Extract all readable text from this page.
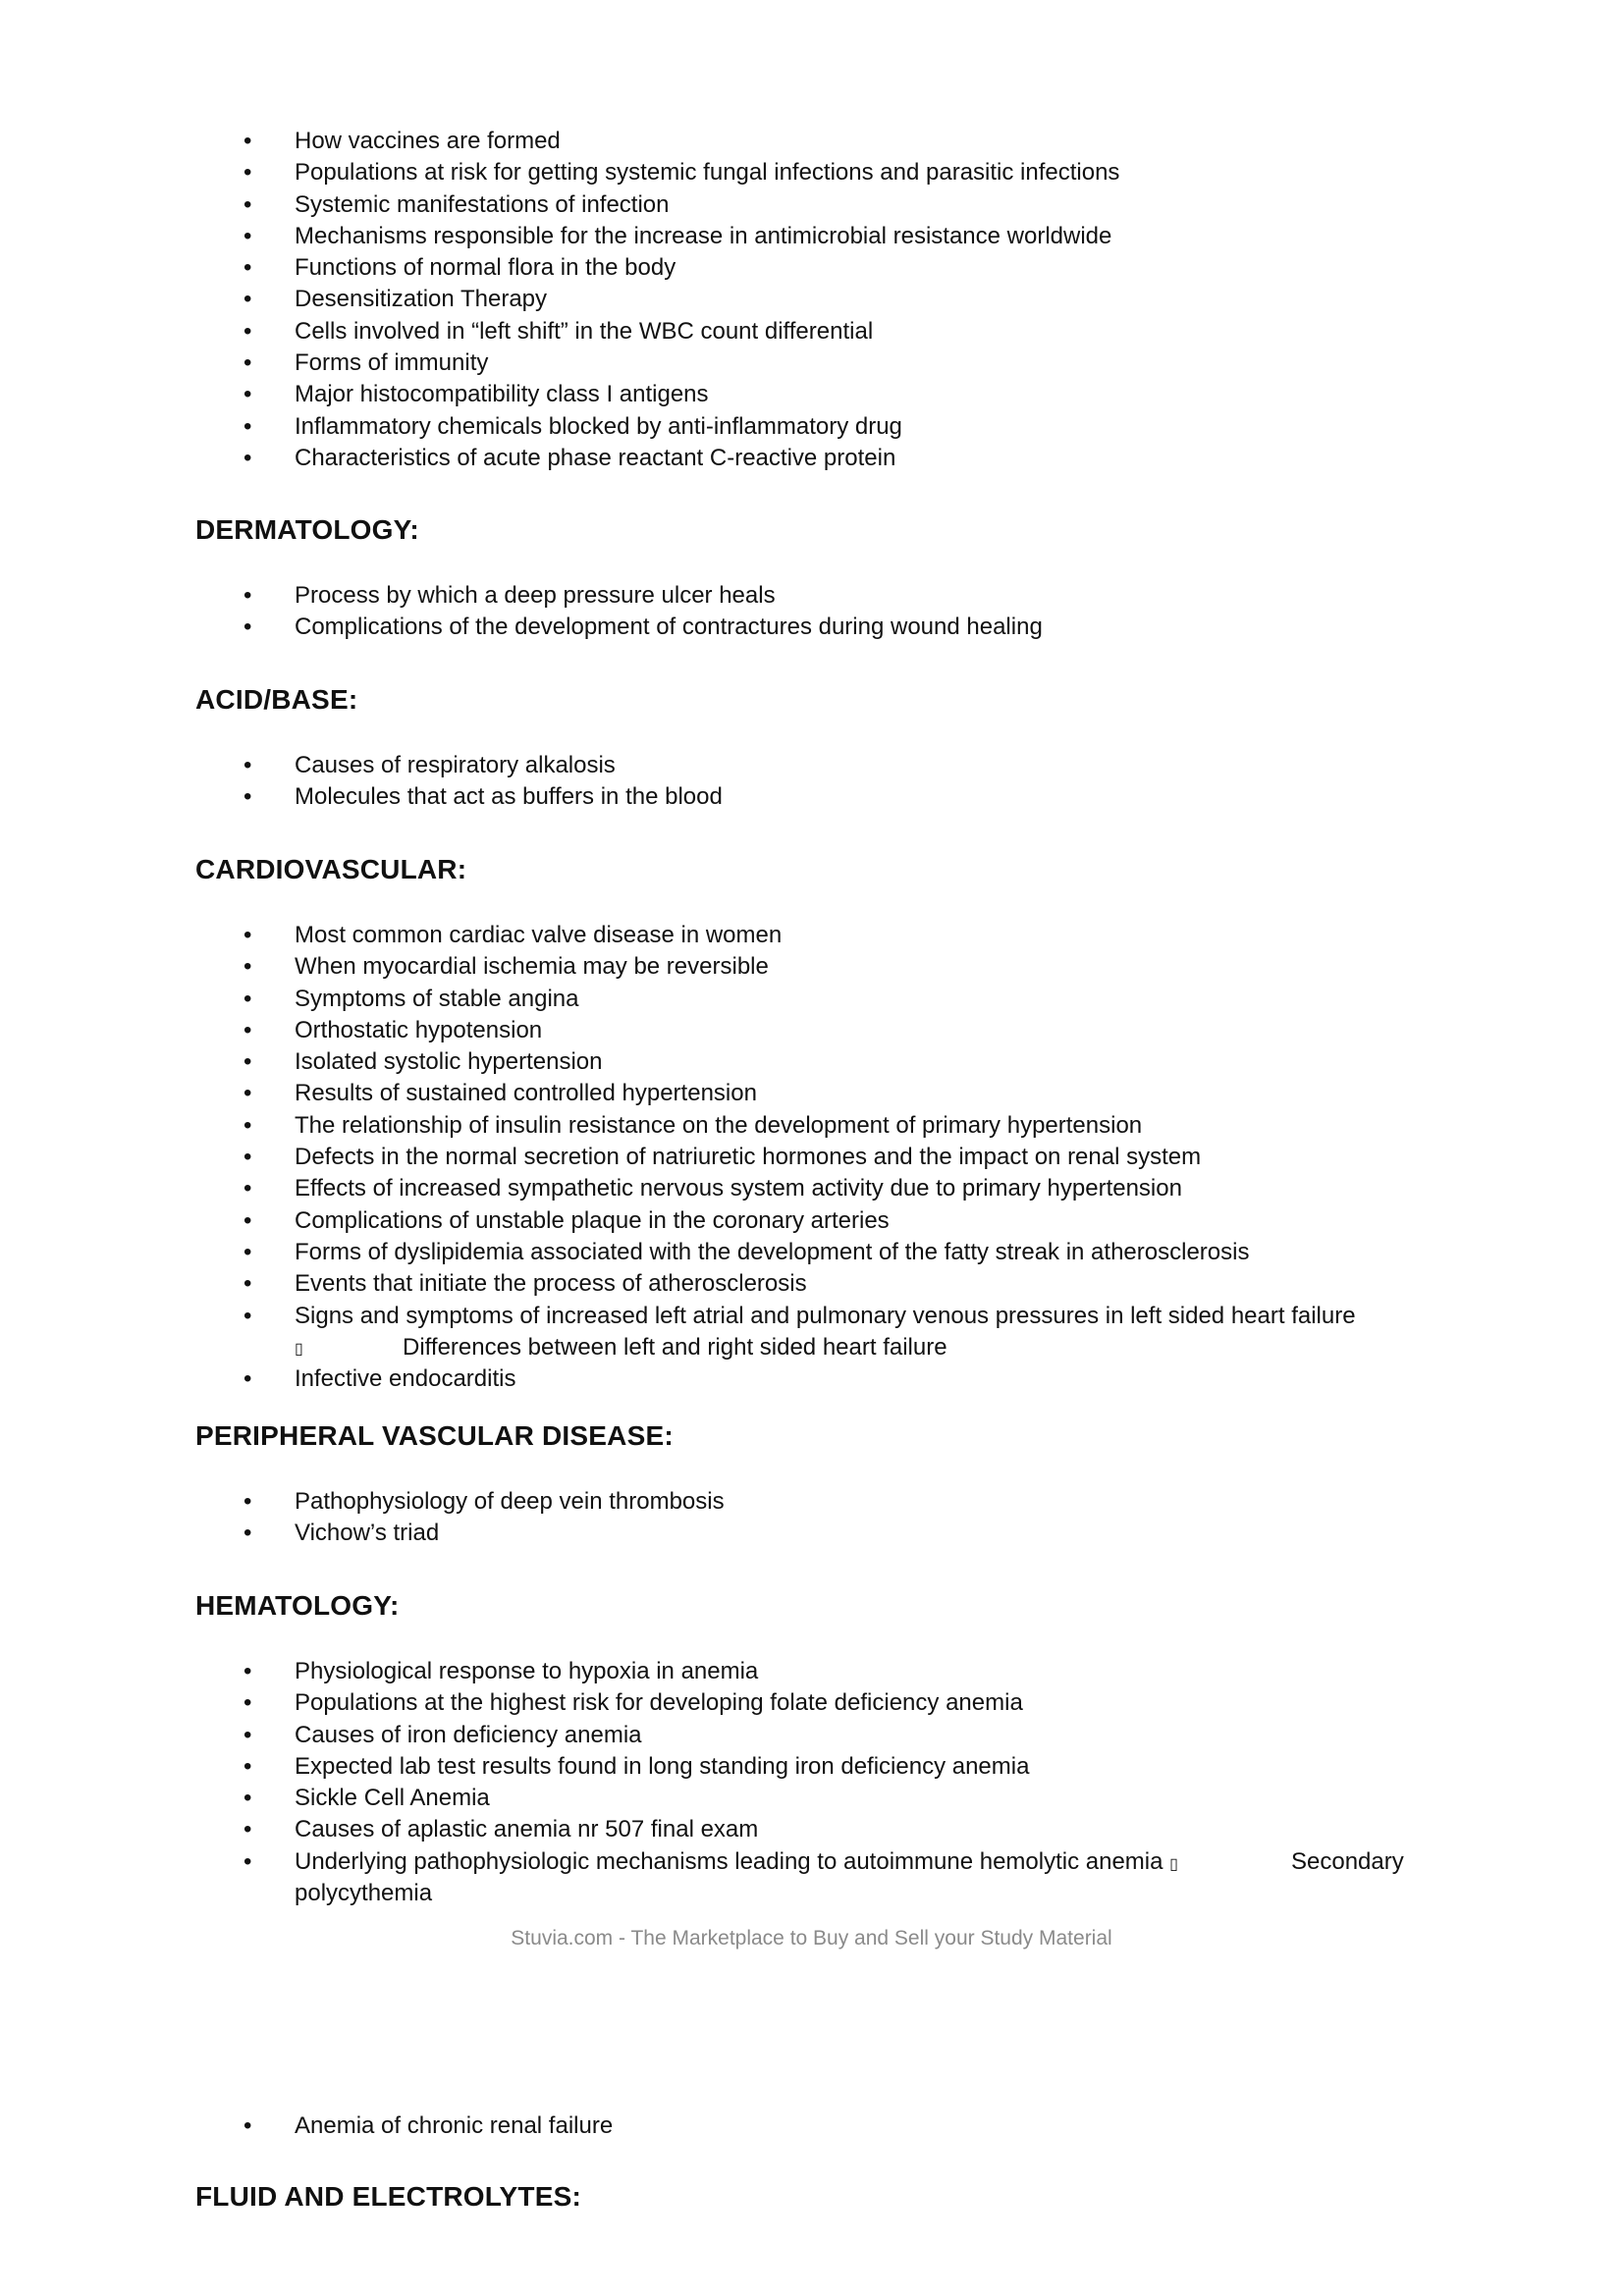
• How vaccines are formed
• Populations at risk for getting systemic fungal infections and parasitic infections
• Systemic manifestations of infection
• Mechanisms responsible for the increase in antimicrobial resistance worldwide
• Functions of normal flora in the body
• Desensitization Therapy
• Cells involved in “left shift” in the WBC count differential
• Forms of immunity
• Major histocompatibility class I antigens
• Inflammatory chemicals blocked by anti-inflammatory drug
• Characteristics of acute phase reactant C-reactive protein
DERMATOLOGY:
• Process by which a deep pressure ulcer heals
• Complications of the development of contractures during wound healing
ACID/BASE:
• Causes of respiratory alkalosis
• Molecules that act as buffers in the blood
CARDIOVASCULAR:
• Most common cardiac valve disease in women
• When myocardial ischemia may be reversible
• Symptoms of stable angina
• Orthostatic hypotension
• Isolated systolic hypertension
• Results of sustained controlled hypertension
• The relationship of insulin resistance on the development of primary hypertension
• Defects in the normal secretion of natriuretic hormones and the impact on renal system
• Effects of increased sympathetic nervous system activity due to primary hypertension
• Complications of unstable plaque in the coronary arteries
• Forms of dyslipidemia associated with the development of the fatty streak in atherosclerosis
• Events that initiate the process of atherosclerosis
• Signs and symptoms of increased left atrial and pulmonary venous pressures in left sided heart failure
▯	Differences between left and right sided heart failure
• Infective endocarditis
PERIPHERAL VASCULAR DISEASE:
• Pathophysiology of deep vein thrombosis
• Vichow’s triad
HEMATOLOGY:
• Physiological response to hypoxia in anemia
• Populations at the highest risk for developing folate deficiency anemia
• Causes of iron deficiency anemia
• Expected lab test results found in long standing iron deficiency anemia
• Sickle Cell Anemia
• Causes of aplastic anemia nr 507 final exam
• Underlying pathophysiologic mechanisms leading to autoimmune hemolytic anemia ▯	Secondary
polycythemia
Stuvia.com - The Marketplace to Buy and Sell your Study Material
• Anemia of chronic renal failure
FLUID AND ELECTROLYTES:
